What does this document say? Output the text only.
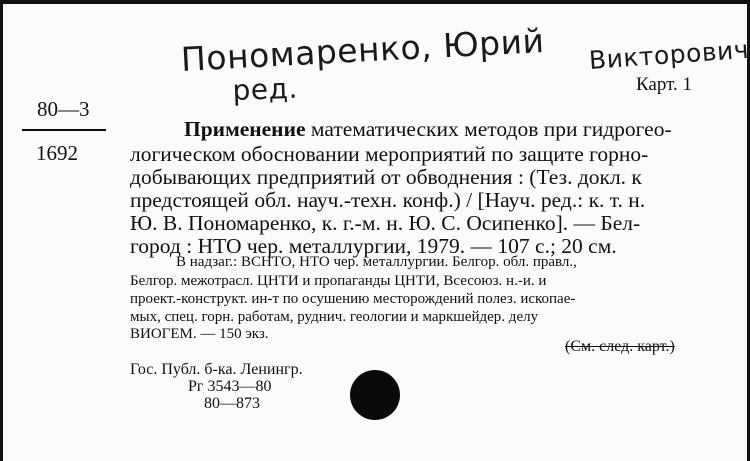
Пономаренко, Юрий
ред.
Викторович
Карт. 1
80—3
1692
Применение математических методов при гидрогео-
логическом обосновании мероприятий по защите горно-
добывающих предприятий от обводнения : (Тез. докл. к
предстоящей обл. науч.-техн. конф.) / [Науч. ред.: к. т. н.
Ю. В. Пономаренко, к. г.-м. н. Ю. С. Осипенко]. — Бел-
город : НТО чер. металлургии, 1979. — 107 с.; 20 см.
В надзаг.: ВСНТО, НТО чер. металлургии. Белгор. обл. правл.,
Белгор. межотрасл. ЦНТИ и пропаганды ЦНТИ, Всесоюз. н.-и. и
проект.-конструкт. ин-т по осушению месторождений полез. ископае-
мых, спец. горн. работам, руднич. геологии и маркшейдер. делу
ВИОГЕМ. — 150 экз.
(См. след. карт.)
Гос. Публ. б-ка. Ленингр.
Рг 3543—80
80—873
